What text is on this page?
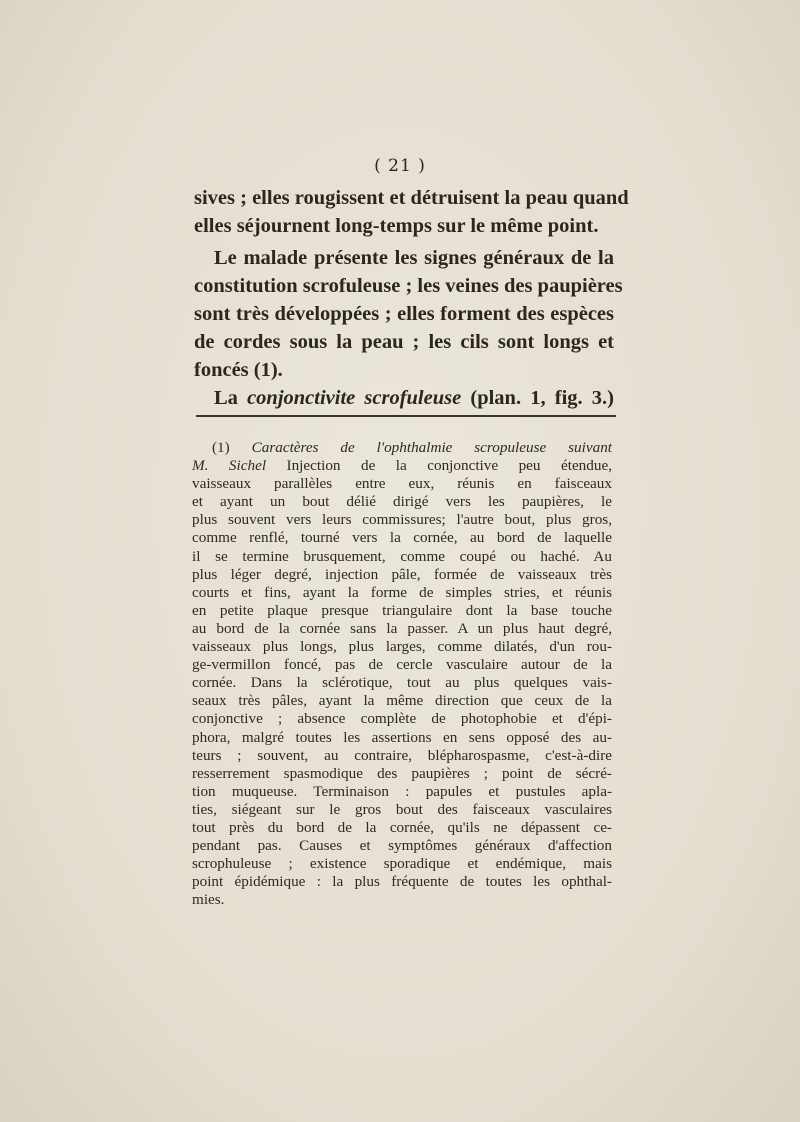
( 21 )
sives ; elles rougissent et détruisent la peau quand
elles séjournent long-temps sur le même point.
Le malade présente les signes généraux de la
constitution scrofuleuse ; les veines des paupières
sont très développées ; elles forment des espèces
de cordes sous la peau ; les cils sont longs et
foncés (1).
La conjonctivite scrofuleuse (plan. 1, fig. 3.)
(1) Caractères de l'ophthalmie scropuleuse suivant
M. Sichel Injection de la conjonctive peu étendue,
vaisseaux parallèles entre eux, réunis en faisceaux
et ayant un bout délié dirigé vers les paupières, le
plus souvent vers leurs commissures; l'autre bout, plus gros,
comme renflé, tourné vers la cornée, au bord de laquelle
il se termine brusquement, comme coupé ou haché. Au
plus léger degré, injection pâle, formée de vaisseaux très
courts et fins, ayant la forme de simples stries, et réunis
en petite plaque presque triangulaire dont la base touche
au bord de la cornée sans la passer. A un plus haut degré,
vaisseaux plus longs, plus larges, comme dilatés, d'un rou-
ge-vermillon foncé, pas de cercle vasculaire autour de la
cornée. Dans la sclérotique, tout au plus quelques vais-
seaux très pâles, ayant la même direction que ceux de la
conjonctive ; absence complète de photophobie et d'épi-
phora, malgré toutes les assertions en sens opposé des au-
teurs ; souvent, au contraire, blépharospasme, c'est-à-dire
resserrement spasmodique des paupières ; point de sécré-
tion muqueuse. Terminaison : papules et pustules apla-
ties, siégeant sur le gros bout des faisceaux vasculaires
tout près du bord de la cornée, qu'ils ne dépassent ce-
pendant pas. Causes et symptômes généraux d'affection
scrophuleuse ; existence sporadique et endémique, mais
point épidémique : la plus fréquente de toutes les ophthal-
mies.
